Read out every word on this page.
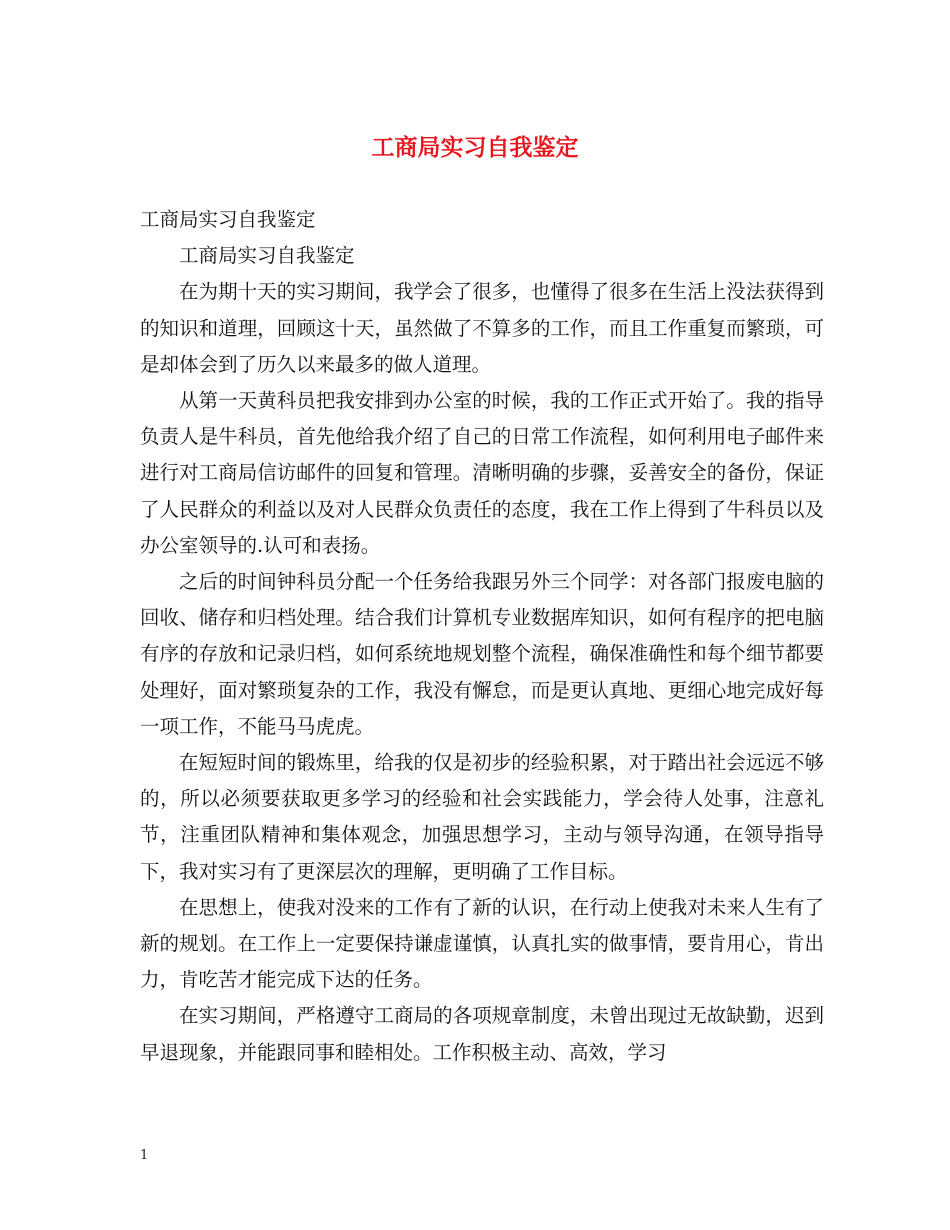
工商局实习自我鉴定

工商局实习自我鉴定

工商局实习自我鉴定

在为期十天的实习期间，我学会了很多，也懂得了很多在生活上没法获得到的知识和道理，回顾这十天，虽然做了不算多的工作，而且工作重复而繁琐，可是却体会到了历久以来最多的做人道理。

从第一天黄科员把我安排到办公室的时候，我的工作正式开始了。我的指导负责人是牛科员，首先他给我介绍了自己的日常工作流程，如何利用电子邮件来进行对工商局信访邮件的回复和管理。清晰明确的步骤，妥善安全的备份，保证了人民群众的利益以及对人民群众负责任的态度，我在工作上得到了牛科员以及办公室领导的.认可和表扬。

之后的时间钟科员分配一个任务给我跟另外三个同学：对各部门报废电脑的回收、储存和归档处理。结合我们计算机专业数据库知识，如何有程序的把电脑有序的存放和记录归档，如何系统地规划整个流程，确保准确性和每个细节都要处理好，面对繁琐复杂的工作，我没有懈怠，而是更认真地、更细心地完成好每一项工作，不能马马虎虎。

在短短时间的锻炼里，给我的仅是初步的经验积累，对于踏出社会远远不够的，所以必须要获取更多学习的经验和社会实践能力，学会待人处事，注意礼节，注重团队精神和集体观念，加强思想学习，主动与领导沟通，在领导指导下，我对实习有了更深层次的理解，更明确了工作目标。

在思想上，使我对没来的工作有了新的认识，在行动上使我对未来人生有了新的规划。在工作上一定要保持谦虚谨慎，认真扎实的做事情，要肯用心，肯出力，肯吃苦才能完成下达的任务。

在实习期间，严格遵守工商局的各项规章制度，未曾出现过无故缺勤，迟到早退现象，并能跟同事和睦相处。工作积极主动、高效，学习

1
